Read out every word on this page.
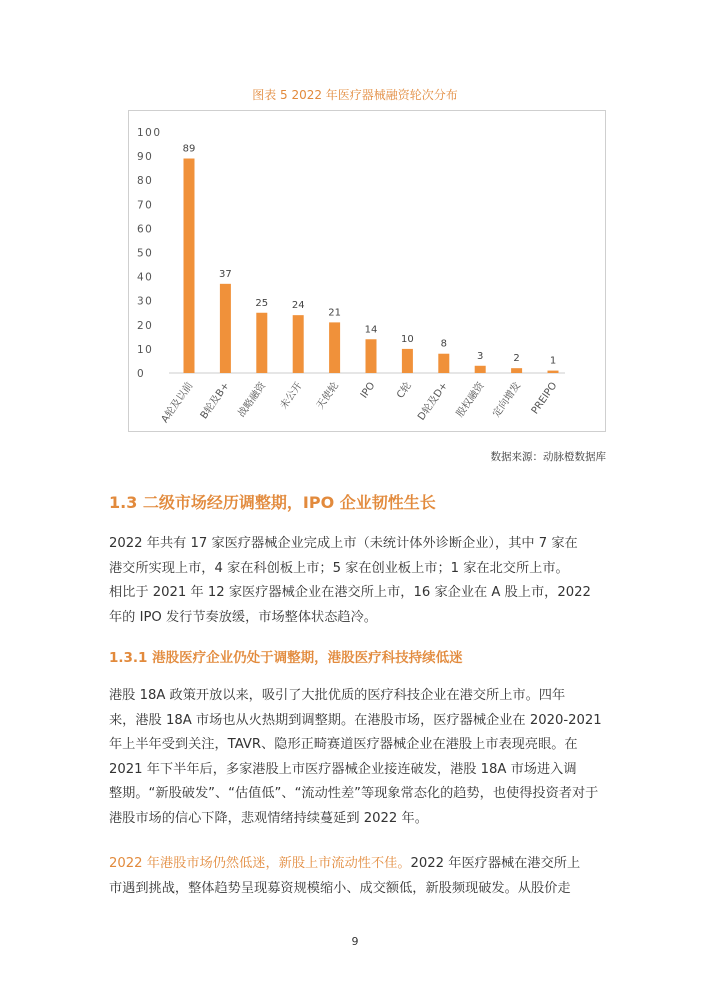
图表 5 2022 年医疗器械融资轮次分布
0
10
20
30
40
50
60
70
80
90
100
89
A轮及以前
37
B轮及B+
25
战略融资
24
未公开
21
天使轮
14
IPO
10
C轮
8
D轮及D+
3
股权融资
2
定向增发
1
PREIPO
数据来源：动脉橙数据库
1.3 二级市场经历调整期，IPO 企业韧性生长
2022 年共有 17 家医疗器械企业完成上市（未统计体外诊断企业），其中 7 家在
港交所实现上市，4 家在科创板上市；5 家在创业板上市；1 家在北交所上市。
相比于 2021 年 12 家医疗器械企业在港交所上市，16 家企业在 A 股上市，2022
年的 IPO 发行节奏放缓，市场整体状态趋冷。
1.3.1 港股医疗企业仍处于调整期，港股医疗科技持续低迷
港股 18A 政策开放以来，吸引了大批优质的医疗科技企业在港交所上市。四年
来，港股 18A 市场也从火热期到调整期。在港股市场，医疗器械企业在 2020-2021
年上半年受到关注，TAVR、隐形正畸赛道医疗器械企业在港股上市表现亮眼。在
2021 年下半年后，多家港股上市医疗器械企业接连破发，港股 18A 市场进入调
整期。“新股破发”、“估值低”、“流动性差”等现象常态化的趋势，也使得投资者对于
港股市场的信心下降，悲观情绪持续蔓延到 2022 年。
2022 年港股市场仍然低迷，新股上市流动性不佳。2022 年医疗器械在港交所上
市遇到挑战，整体趋势呈现募资规模缩小、成交额低，新股频现破发。从股价走
9
